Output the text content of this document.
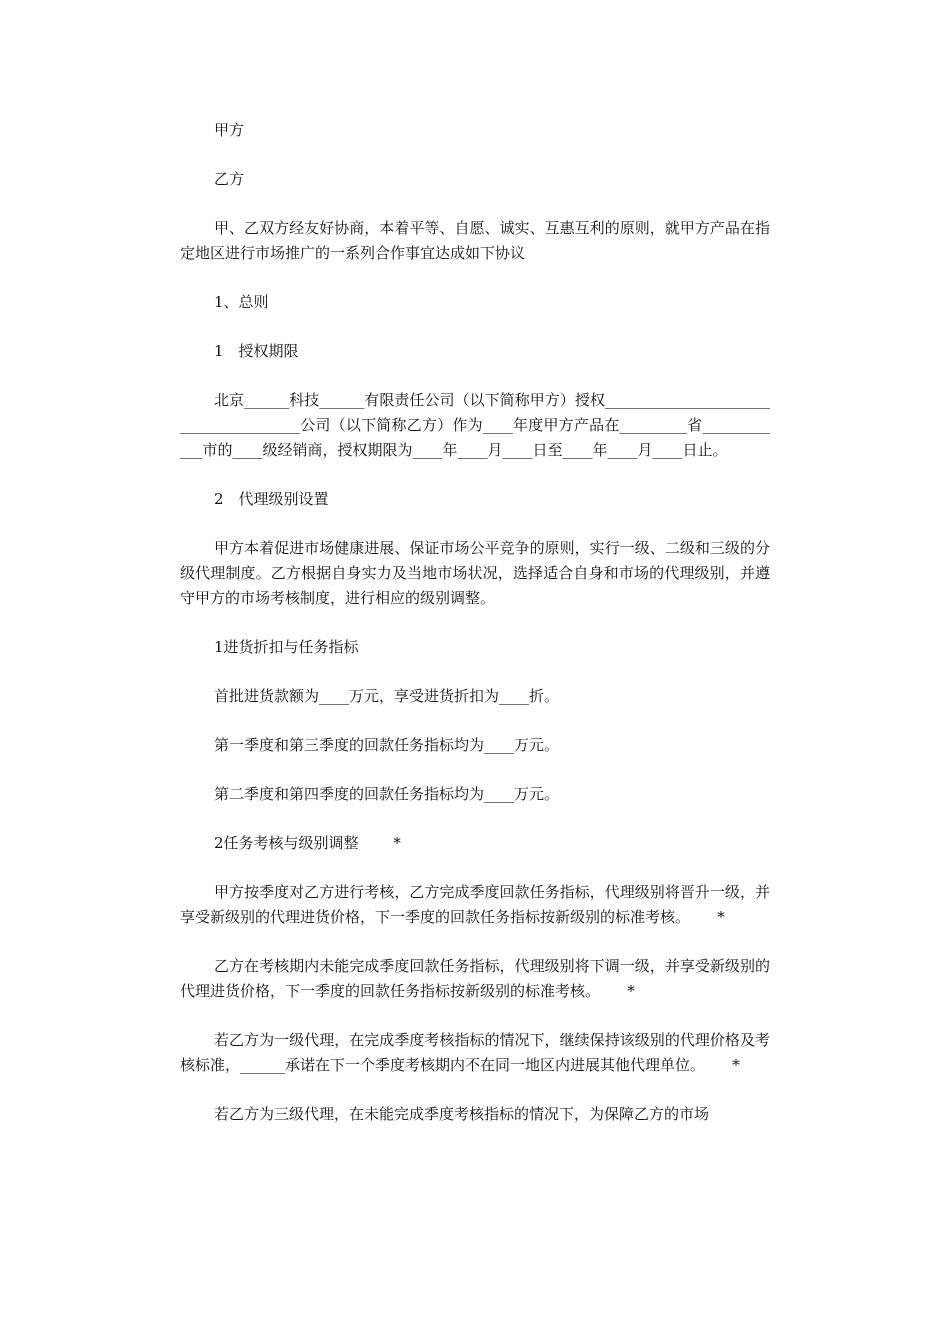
甲方

乙方

甲、乙双方经友好协商，本着平等、自愿、诚实、互惠互利的原则，就甲方产品在指定地区进行市场推广的一系列合作事宜达成如下协议

1、总则

1　授权期限

北京______科技______有限责任公司（以下简称甲方）授权______________________________________公司（以下简称乙方）作为____年度甲方产品在_________省____________市的____级经销商，授权期限为____年____月____日至____年____月____日止。

2　代理级别设置

甲方本着促进市场健康进展、保证市场公平竞争的原则，实行一级、二级和三级的分级代理制度。乙方根据自身实力及当地市场状况，选择适合自身和市场的代理级别，并遵守甲方的市场考核制度，进行相应的级别调整。

1进货折扣与任务指标

首批进货款额为____万元，享受进货折扣为____折。

第一季度和第三季度的回款任务指标均为____万元。

第二季度和第四季度的回款任务指标均为____万元。

2任务考核与级别调整　　 *

甲方按季度对乙方进行考核，乙方完成季度回款任务指标，代理级别将晋升一级，并享受新级别的代理进货价格，下一季度的回款任务指标按新级别的标准考核。　　 *

乙方在考核期内未能完成季度回款任务指标，代理级别将下调一级，并享受新级别的代理进货价格，下一季度的回款任务指标按新级别的标准考核。　　 *

若乙方为一级代理，在完成季度考核指标的情况下，继续保持该级别的代理价格及考核标准，______承诺在下一个季度考核期内不在同一地区内进展其他代理单位。　　 *

若乙方为三级代理，在未能完成季度考核指标的情况下，为保障乙方的市场
